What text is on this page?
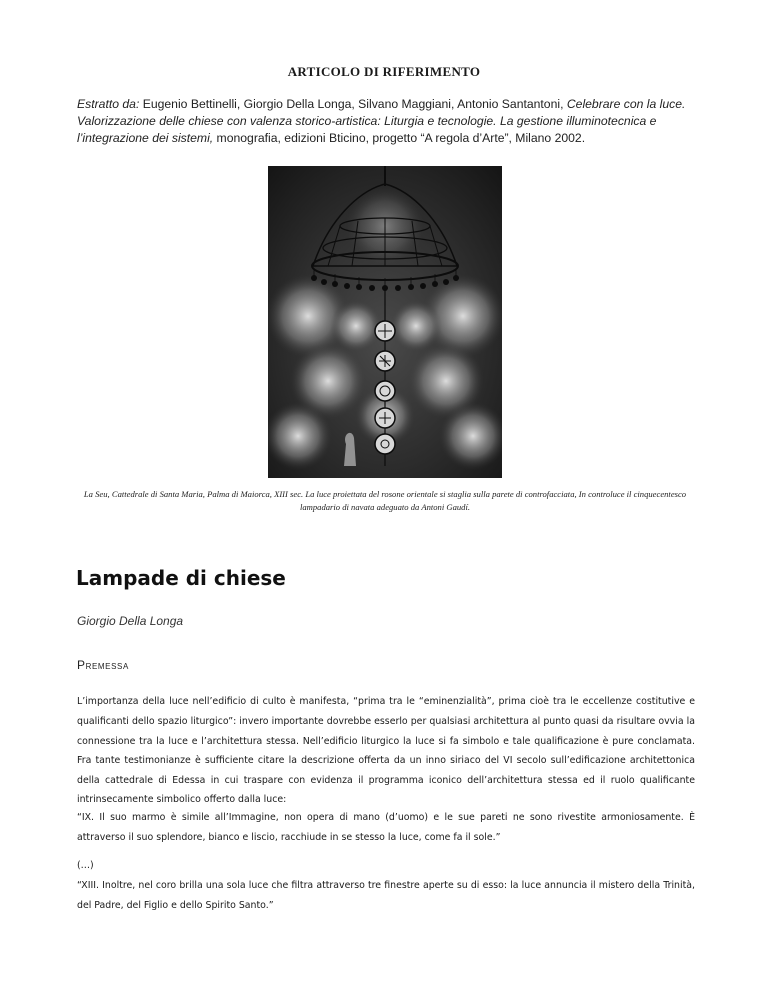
ARTICOLO DI RIFERIMENTO
Estratto da: Eugenio Bettinelli, Giorgio Della Longa, Silvano Maggiani, Antonio Santantoni, Celebrare con la luce. Valorizzazione delle chiese con valenza storico-artistica: Liturgia e tecnologie. La gestione illuminotecnica e l’integrazione dei sistemi, monografia, edizioni Bticino, progetto “A regola d’Arte”, Milano 2002.
La Seu, Cattedrale di Santa Maria, Palma di Maiorca, XIII sec. La luce proiettata del rosone orientale si staglia sulla parete di controfacciata, In controluce il cinquecentesco lampadario di navata adeguato da Antoni Gaudí.
Lampade di chiese
Giorgio Della Longa
Premessa

L’importanza della luce nell’edificio di culto è manifesta, “prima tra le “eminenzialità”, prima cioè tra le eccellenze costitutive e qualificanti dello spazio liturgico”: invero importante dovrebbe esserlo per qualsiasi architettura al punto quasi da risultare ovvia la connessione tra la luce e l’architettura stessa. Nell’edificio liturgico la luce si fa simbolo e tale qualificazione è pure conclamata. Fra tante testimonianze è sufficiente citare la descrizione offerta da un inno siriaco del VI secolo sull’edificazione architettonica della cattedrale di Edessa in cui traspare con evidenza il programma iconico dell’architettura stessa ed il ruolo qualificante intrinsecamente simbolico offerto dalla luce:

“IX. Il suo marmo è simile all’Immagine, non opera di mano (d’uomo) e le sue pareti ne sono rivestite armoniosamente. È attraverso il suo splendore, bianco e liscio, racchiude in se stesso la luce, come fa il sole.”

(…)

“XIII. Inoltre, nel coro brilla una sola luce che filtra attraverso tre finestre aperte su di esso: la luce annuncia il mistero della Trinità, del Padre, del Figlio e dello Spirito Santo.”
